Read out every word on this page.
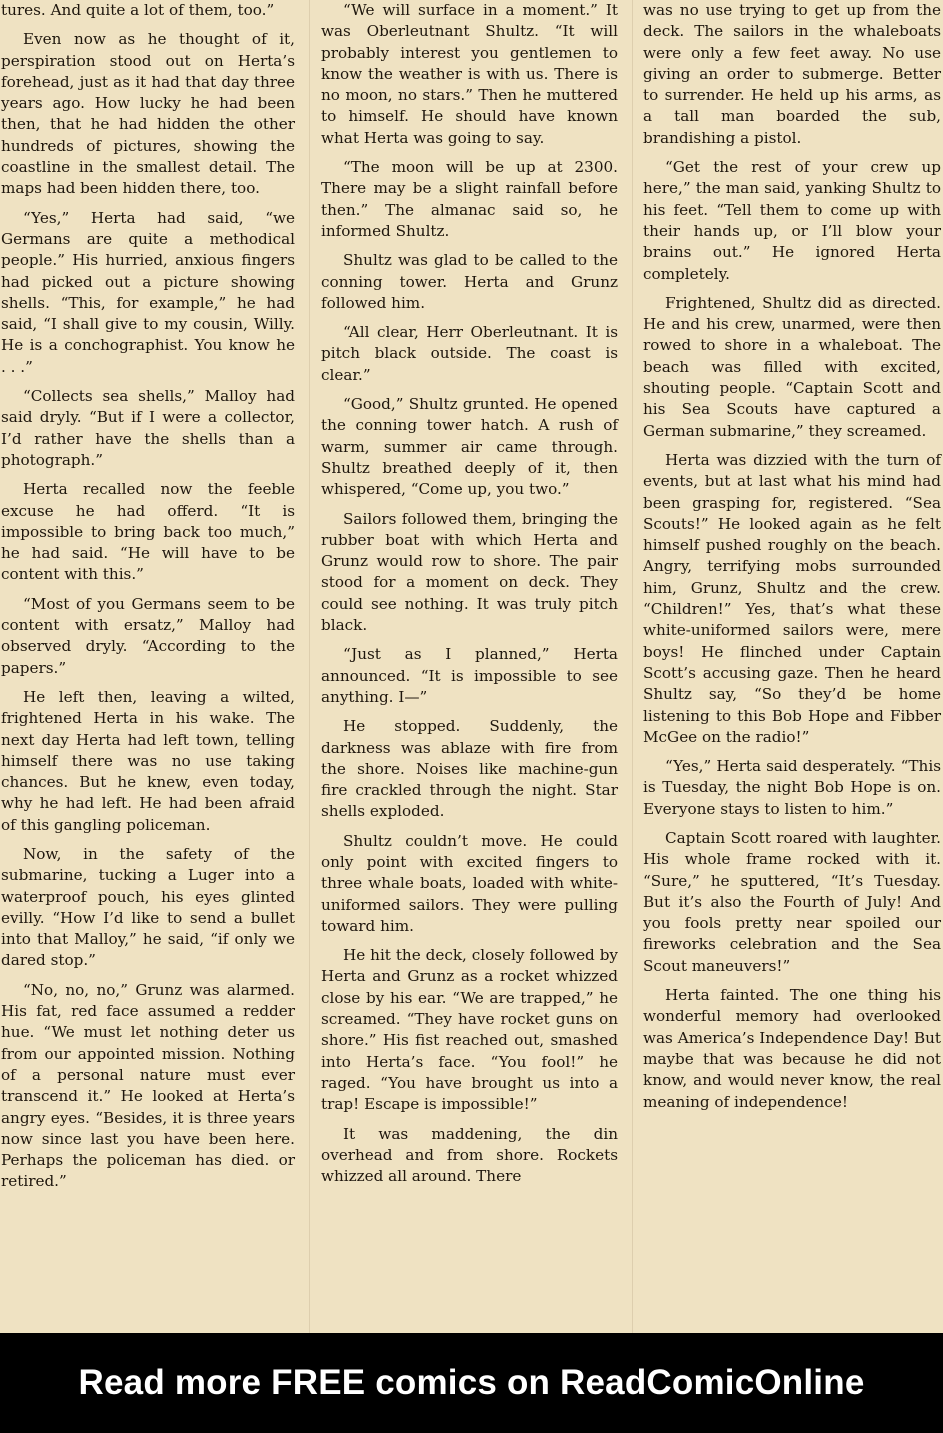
tures. And quite a lot of them, too.”

Even now as he thought of it, perspiration stood out on Herta’s forehead, just as it had that day three years ago. How lucky he had been then, that he had hidden the other hundreds of pictures, showing the coastline in the smallest detail. The maps had been hidden there, too.

“Yes,” Herta had said, “we Germans are quite a methodical people.” His hurried, anxious fingers had picked out a picture showing shells. “This, for example,” he had said, “I shall give to my cousin, Willy. He is a conchographist. You know he . . .”

“Collects sea shells,” Malloy had said dryly. “But if I were a collector, I’d rather have the shells than a photograph.”

Herta recalled now the feeble excuse he had offerd. “It is impossible to bring back too much,” he had said. “He will have to be content with this.”

“Most of you Germans seem to be content with ersatz,” Malloy had observed dryly. “According to the papers.”

He left then, leaving a wilted, frightened Herta in his wake. The next day Herta had left town, telling himself there was no use taking chances. But he knew, even today, why he had left. He had been afraid of this gangling policeman.

Now, in the safety of the submarine, tucking a Luger into a waterproof pouch, his eyes glinted evilly. “How I’d like to send a bullet into that Malloy,” he said, “if only we dared stop.”

“No, no, no,” Grunz was alarmed. His fat, red face assumed a redder hue. “We must let nothing deter us from our appointed mission. Nothing of a personal nature must ever transcend it.” He looked at Herta’s angry eyes. “Besides, it is three years now since last you have been here. Perhaps the policeman has died. or retired.”

“We will surface in a moment.” It was Oberleutnant Shultz. “It will probably interest you gentlemen to know the weather is with us. There is no moon, no stars.” Then he muttered to himself. He should have known what Herta was going to say.

“The moon will be up at 2300. There may be a slight rainfall before then.” The almanac said so, he informed Shultz.

Shultz was glad to be called to the conning tower. Herta and Grunz followed him.

“All clear, Herr Oberleutnant. It is pitch black outside. The coast is clear.”

“Good,” Shultz grunted. He opened the conning tower hatch. A rush of warm, summer air came through. Shultz breathed deeply of it, then whispered, “Come up, you two.”

Sailors followed them, bringing the rubber boat with which Herta and Grunz would row to shore. The pair stood for a moment on deck. They could see nothing. It was truly pitch black.

“Just as I planned,” Herta announced. “It is impossible to see anything. I—”

He stopped. Suddenly, the darkness was ablaze with fire from the shore. Noises like machine-gun fire crackled through the night. Star shells exploded.

Shultz couldn’t move. He could only point with excited fingers to three whale boats, loaded with white-uniformed sailors. They were pulling toward him.

He hit the deck, closely followed by Herta and Grunz as a rocket whizzed close by his ear. “We are trapped,” he screamed. “They have rocket guns on shore.” His fist reached out, smashed into Herta’s face. “You fool!” he raged. “You have brought us into a trap! Escape is impossible!”

It was maddening, the din overhead and from shore. Rockets whizzed all around. There

was no use trying to get up from the deck. The sailors in the whaleboats were only a few feet away. No use giving an order to submerge. Better to surrender. He held up his arms, as a tall man boarded the sub, brandishing a pistol.

“Get the rest of your crew up here,” the man said, yanking Shultz to his feet. “Tell them to come up with their hands up, or I’ll blow your brains out.” He ignored Herta completely.

Frightened, Shultz did as directed. He and his crew, unarmed, were then rowed to shore in a whaleboat. The beach was filled with excited, shouting people. “Captain Scott and his Sea Scouts have captured a German submarine,” they screamed.

Herta was dizzied with the turn of events, but at last what his mind had been grasping for, registered. “Sea Scouts!” He looked again as he felt himself pushed roughly on the beach. Angry, terrifying mobs surrounded him, Grunz, Shultz and the crew. “Children!” Yes, that’s what these white-uniformed sailors were, mere boys! He flinched under Captain Scott’s accusing gaze. Then he heard Shultz say, “So they’d be home listening to this Bob Hope and Fibber McGee on the radio!”

“Yes,” Herta said desperately. “This is Tuesday, the night Bob Hope is on. Everyone stays to listen to him.”

Captain Scott roared with laughter. His whole frame rocked with it. “Sure,” he sputtered, “It’s Tuesday. But it’s also the Fourth of July! And you fools pretty near spoiled our fireworks celebration and the Sea Scout maneuvers!”

Herta fainted. The one thing his wonderful memory had overlooked was America’s Independence Day! But maybe that was because he did not know, and would never know, the real meaning of independence!

Read more FREE comics on ReadComicOnline
